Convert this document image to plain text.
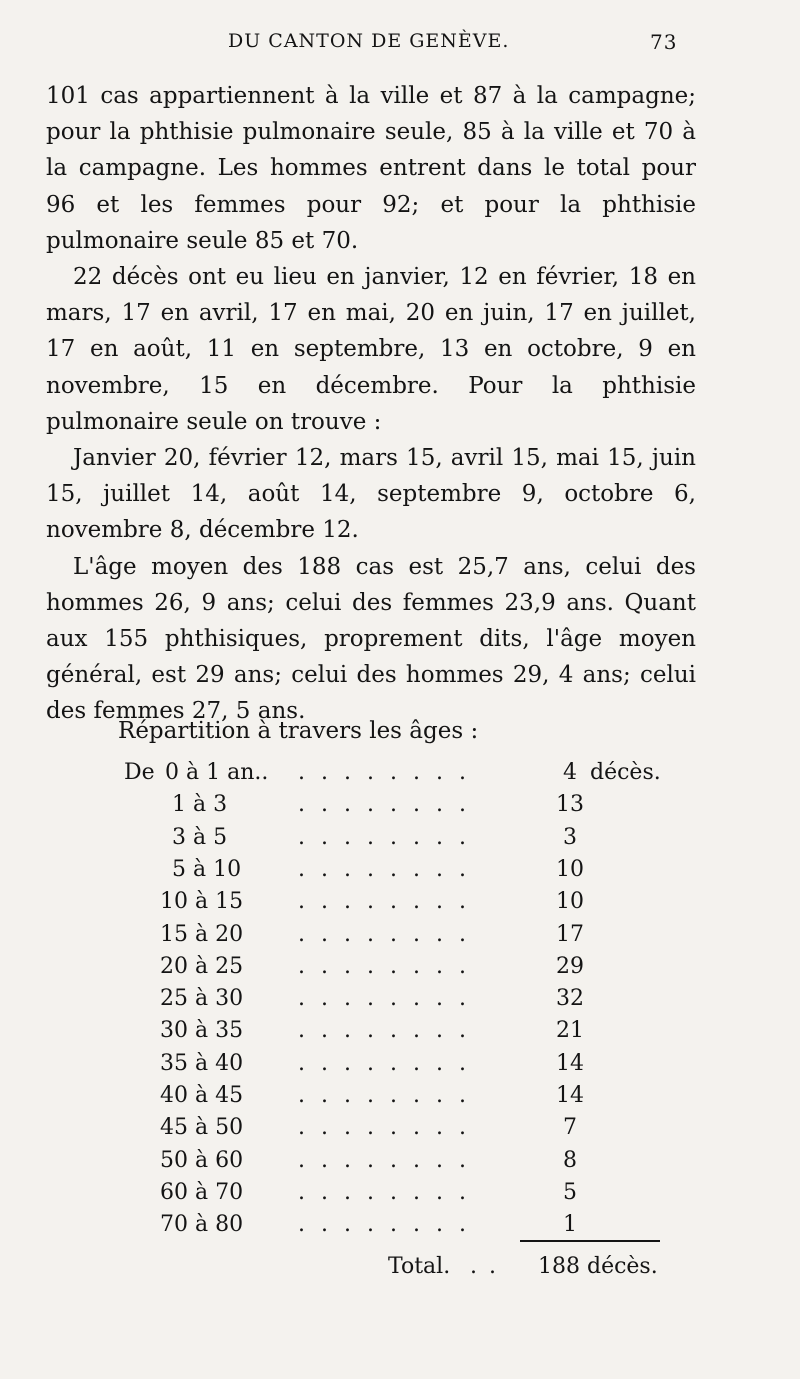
DU CANTON DE GENÈVE.	73

101 cas appartiennent à la ville et 87 à la campagne; pour la phthisie pulmonaire seule, 85 à la ville et 70 à la campagne. Les hommes entrent dans le total pour 96 et les femmes pour 92; et pour la phthisie pulmonaire seule 85 et 70.

22 décès ont eu lieu en janvier, 12 en février, 18 en mars, 17 en avril, 17 en mai, 20 en juin, 17 en juillet, 17 en août, 11 en septembre, 13 en octobre, 9 en novembre, 15 en décembre. Pour la phthisie pulmonaire seule on trouve :

Janvier 20, février 12, mars 15, avril 15, mai 15, juin 15, juillet 14, août 14, septembre 9, octobre 6, novembre 8, décembre 12.

L'âge moyen des 188 cas est 25,7 ans, celui des hommes 26, 9 ans; celui des femmes 23,9 ans. Quant aux 155 phthisiques, proprement dits, l'âge moyen général, est 29 ans; celui des hommes 29, 4 ans; celui des femmes 27, 5 ans.

Répartition à travers les âges :
De 0 à 1 an.. ........	4 décès.
1 à 3	........	13
3 à 5	........	3
5 à 10	........	10
10 à 15 ........	10
15 à 20 ........	17
20 à 25 ........	29
25 à 30 ........	32
30 à 35 ........	21
35 à 40 ........	14
40 à 45 ........	14
45 à 50 ........	7
50 à 60 ........	8
60 à 70 ........	5
70 à 80 ........	1
Total. .. 188 décès.
